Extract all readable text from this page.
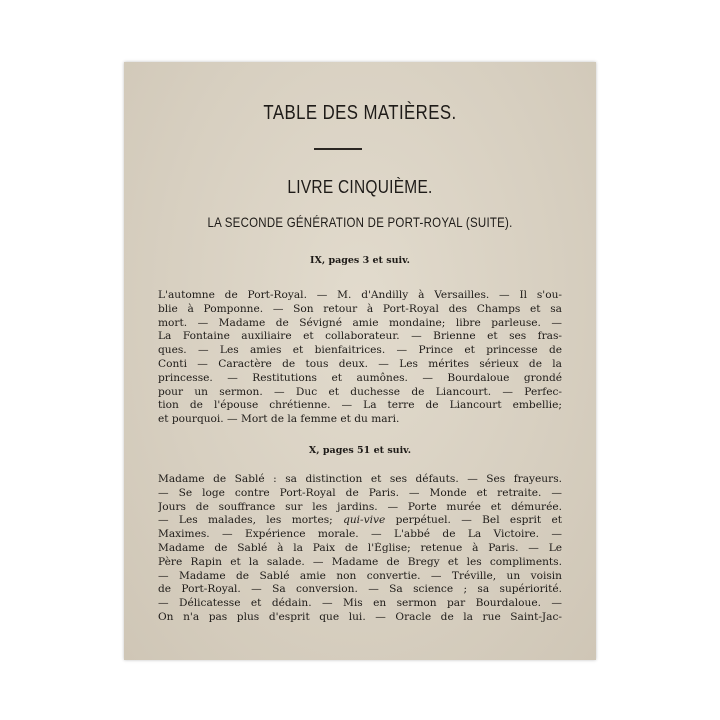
TABLE DES MATIÈRES.
LIVRE CINQUIÈME.
LA SECONDE GÉNÉRATION DE PORT-ROYAL (SUITE).
IX, pages 3 et suiv.
L'automne de Port-Royal. — M. d'Andilly à Versailles. — Il s'ou-
blie à Pomponne. — Son retour à Port-Royal des Champs et sa
mort. — Madame de Sévigné amie mondaine; libre parleuse. —
La Fontaine auxiliaire et collaborateur. — Brienne et ses fras-
ques. — Les amies et bienfaitrices. — Prince et princesse de
Conti — Caractère de tous deux. — Les mérites sérieux de la
princesse. — Restitutions et aumônes. — Bourdaloue grondé
pour un sermon. — Duc et duchesse de Liancourt. — Perfec-
tion de l'épouse chrétienne. — La terre de Liancourt embellie;
et pourquoi. — Mort de la femme et du mari.
X, pages 51 et suiv.
Madame de Sablé : sa distinction et ses défauts. — Ses frayeurs.
— Se loge contre Port-Royal de Paris. — Monde et retraite. —
Jours de souffrance sur les jardins. — Porte murée et démurée.
— Les malades, les mortes; qui-vive perpétuel. — Bel esprit et
Maximes. — Expérience morale. — L'abbé de La Victoire. —
Madame de Sablé à la Paix de l'Église; retenue à Paris. — Le
Père Rapin et la salade. — Madame de Bregy et les compliments.
— Madame de Sablé amie non convertie. — Tréville, un voisin
de Port-Royal. — Sa conversion. — Sa science ; sa supériorité.
— Délicatesse et dédain. — Mis en sermon par Bourdaloue. —
On n'a pas plus d'esprit que lui. — Oracle de la rue Saint-Jac-
